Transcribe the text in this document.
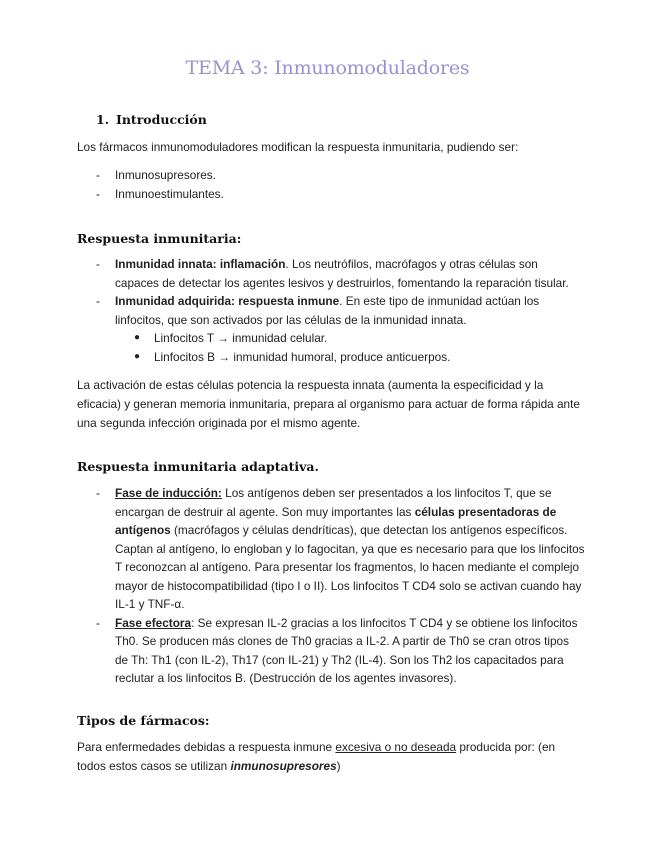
TEMA 3: Inmunomoduladores
1. Introducción
Los fármacos inmunomoduladores modifican la respuesta inmunitaria, pudiendo ser:
- Inmunosupresores.
- Inmunoestimulantes.
Respuesta inmunitaria:
- Inmunidad innata: inflamación. Los neutrófilos, macrófagos y otras células son capaces de detectar los agentes lesivos y destruirlos, fomentando la reparación tisular.
- Inmunidad adquirida: respuesta inmune. En este tipo de inmunidad actúan los linfocitos, que son activados por las células de la inmunidad innata.
● Linfocitos T → inmunidad celular.
● Linfocitos B → inmunidad humoral, produce anticuerpos.
La activación de estas células potencia la respuesta innata (aumenta la especificidad y la eficacia) y generan memoria inmunitaria, prepara al organismo para actuar de forma rápida ante una segunda infección originada por el mismo agente.
Respuesta inmunitaria adaptativa.
- Fase de inducción: Los antígenos deben ser presentados a los linfocitos T, que se encargan de destruir al agente. Son muy importantes las células presentadoras de antígenos (macrófagos y células dendríticas), que detectan los antígenos específicos. Captan al antígeno, lo engloban y lo fagocitan, ya que es necesario para que los linfocitos T reconozcan al antígeno. Para presentar los fragmentos, lo hacen mediante el complejo mayor de histocompatibilidad (tipo I o II). Los linfocitos T CD4 solo se activan cuando hay IL-1 y TNF-α.
- Fase efectora: Se expresan IL-2 gracias a los linfocitos T CD4 y se obtiene los linfocitos Th0. Se producen más clones de Th0 gracias a IL-2. A partir de Th0 se cran otros tipos de Th: Th1 (con IL-2), Th17 (con IL-21) y Th2 (IL-4). Son los Th2 los capacitados para reclutar a los linfocitos B. (Destrucción de los agentes invasores).
Tipos de fármacos:
Para enfermedades debidas a respuesta inmune excesiva o no deseada producida por: (en todos estos casos se utilizan inmunosupresores)
